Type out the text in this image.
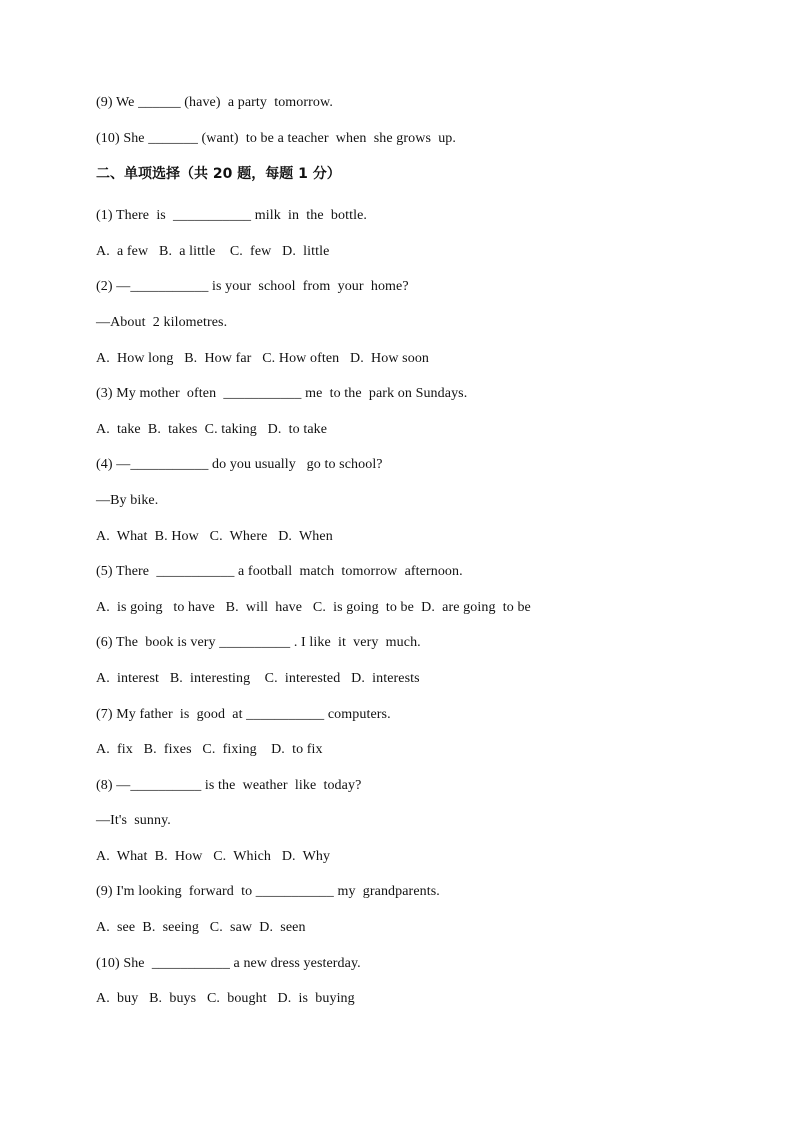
(9) We ______ (have)  a party  tomorrow.
(10) She _______ (want)  to be a teacher  when  she grows  up.
二、单项选择（共 20 题，每题 1 分）
(1) There  is  ___________ milk  in  the  bottle.
A.  a few   B.  a little    C.  few   D.  little
(2) —___________ is your  school  from  your  home?
—About  2 kilometres.
A.  How long   B.  How far   C. How often   D.  How soon
(3) My mother  often  ___________ me  to the  park on Sundays.
A.  take  B.  takes  C. taking   D.  to take
(4) —___________ do you usually   go to school?
—By bike.
A.  What  B. How   C.  Where   D.  When
(5) There  ___________ a football  match  tomorrow  afternoon.
A.  is going   to have   B.  will  have   C.  is going  to be  D.  are going  to be
(6) The  book is very __________ . I like  it  very  much.
A.  interest   B.  interesting    C.  interested   D.  interests
(7) My father  is  good  at ___________ computers.
A.  fix   B.  fixes   C.  fixing    D.  to fix
(8) —__________ is the  weather  like  today?
—It's  sunny.
A.  What  B.  How   C.  Which   D.  Why
(9) I'm looking  forward  to ___________ my  grandparents.
A.  see  B.  seeing   C.  saw  D.  seen
(10) She  ___________ a new dress yesterday.
A.  buy   B.  buys   C.  bought   D.  is  buying
